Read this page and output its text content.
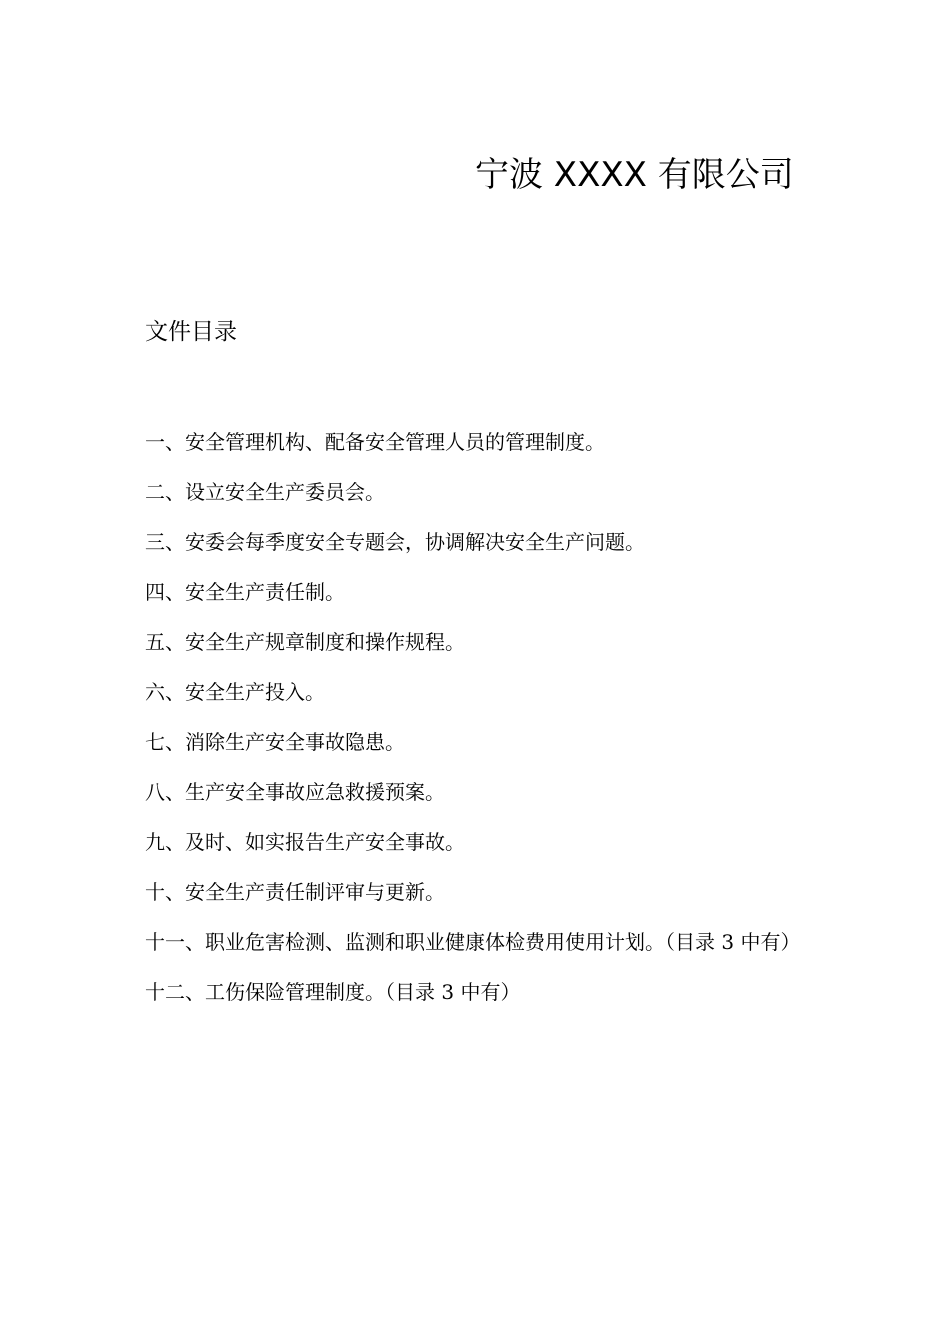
宁波 XXXX 有限公司
文件目录
一、安全管理机构、配备安全管理人员的管理制度。
二、设立安全生产委员会。
三、安委会每季度安全专题会，协调解决安全生产问题。
四、安全生产责任制。
五、安全生产规章制度和操作规程。
六、安全生产投入。
七、消除生产安全事故隐患。
八、生产安全事故应急救援预案。
九、及时、如实报告生产安全事故。
十、安全生产责任制评审与更新。
十一、职业危害检测、监测和职业健康体检费用使用计划。（目录 3 中有）
十二、工伤保险管理制度。（目录 3 中有）
